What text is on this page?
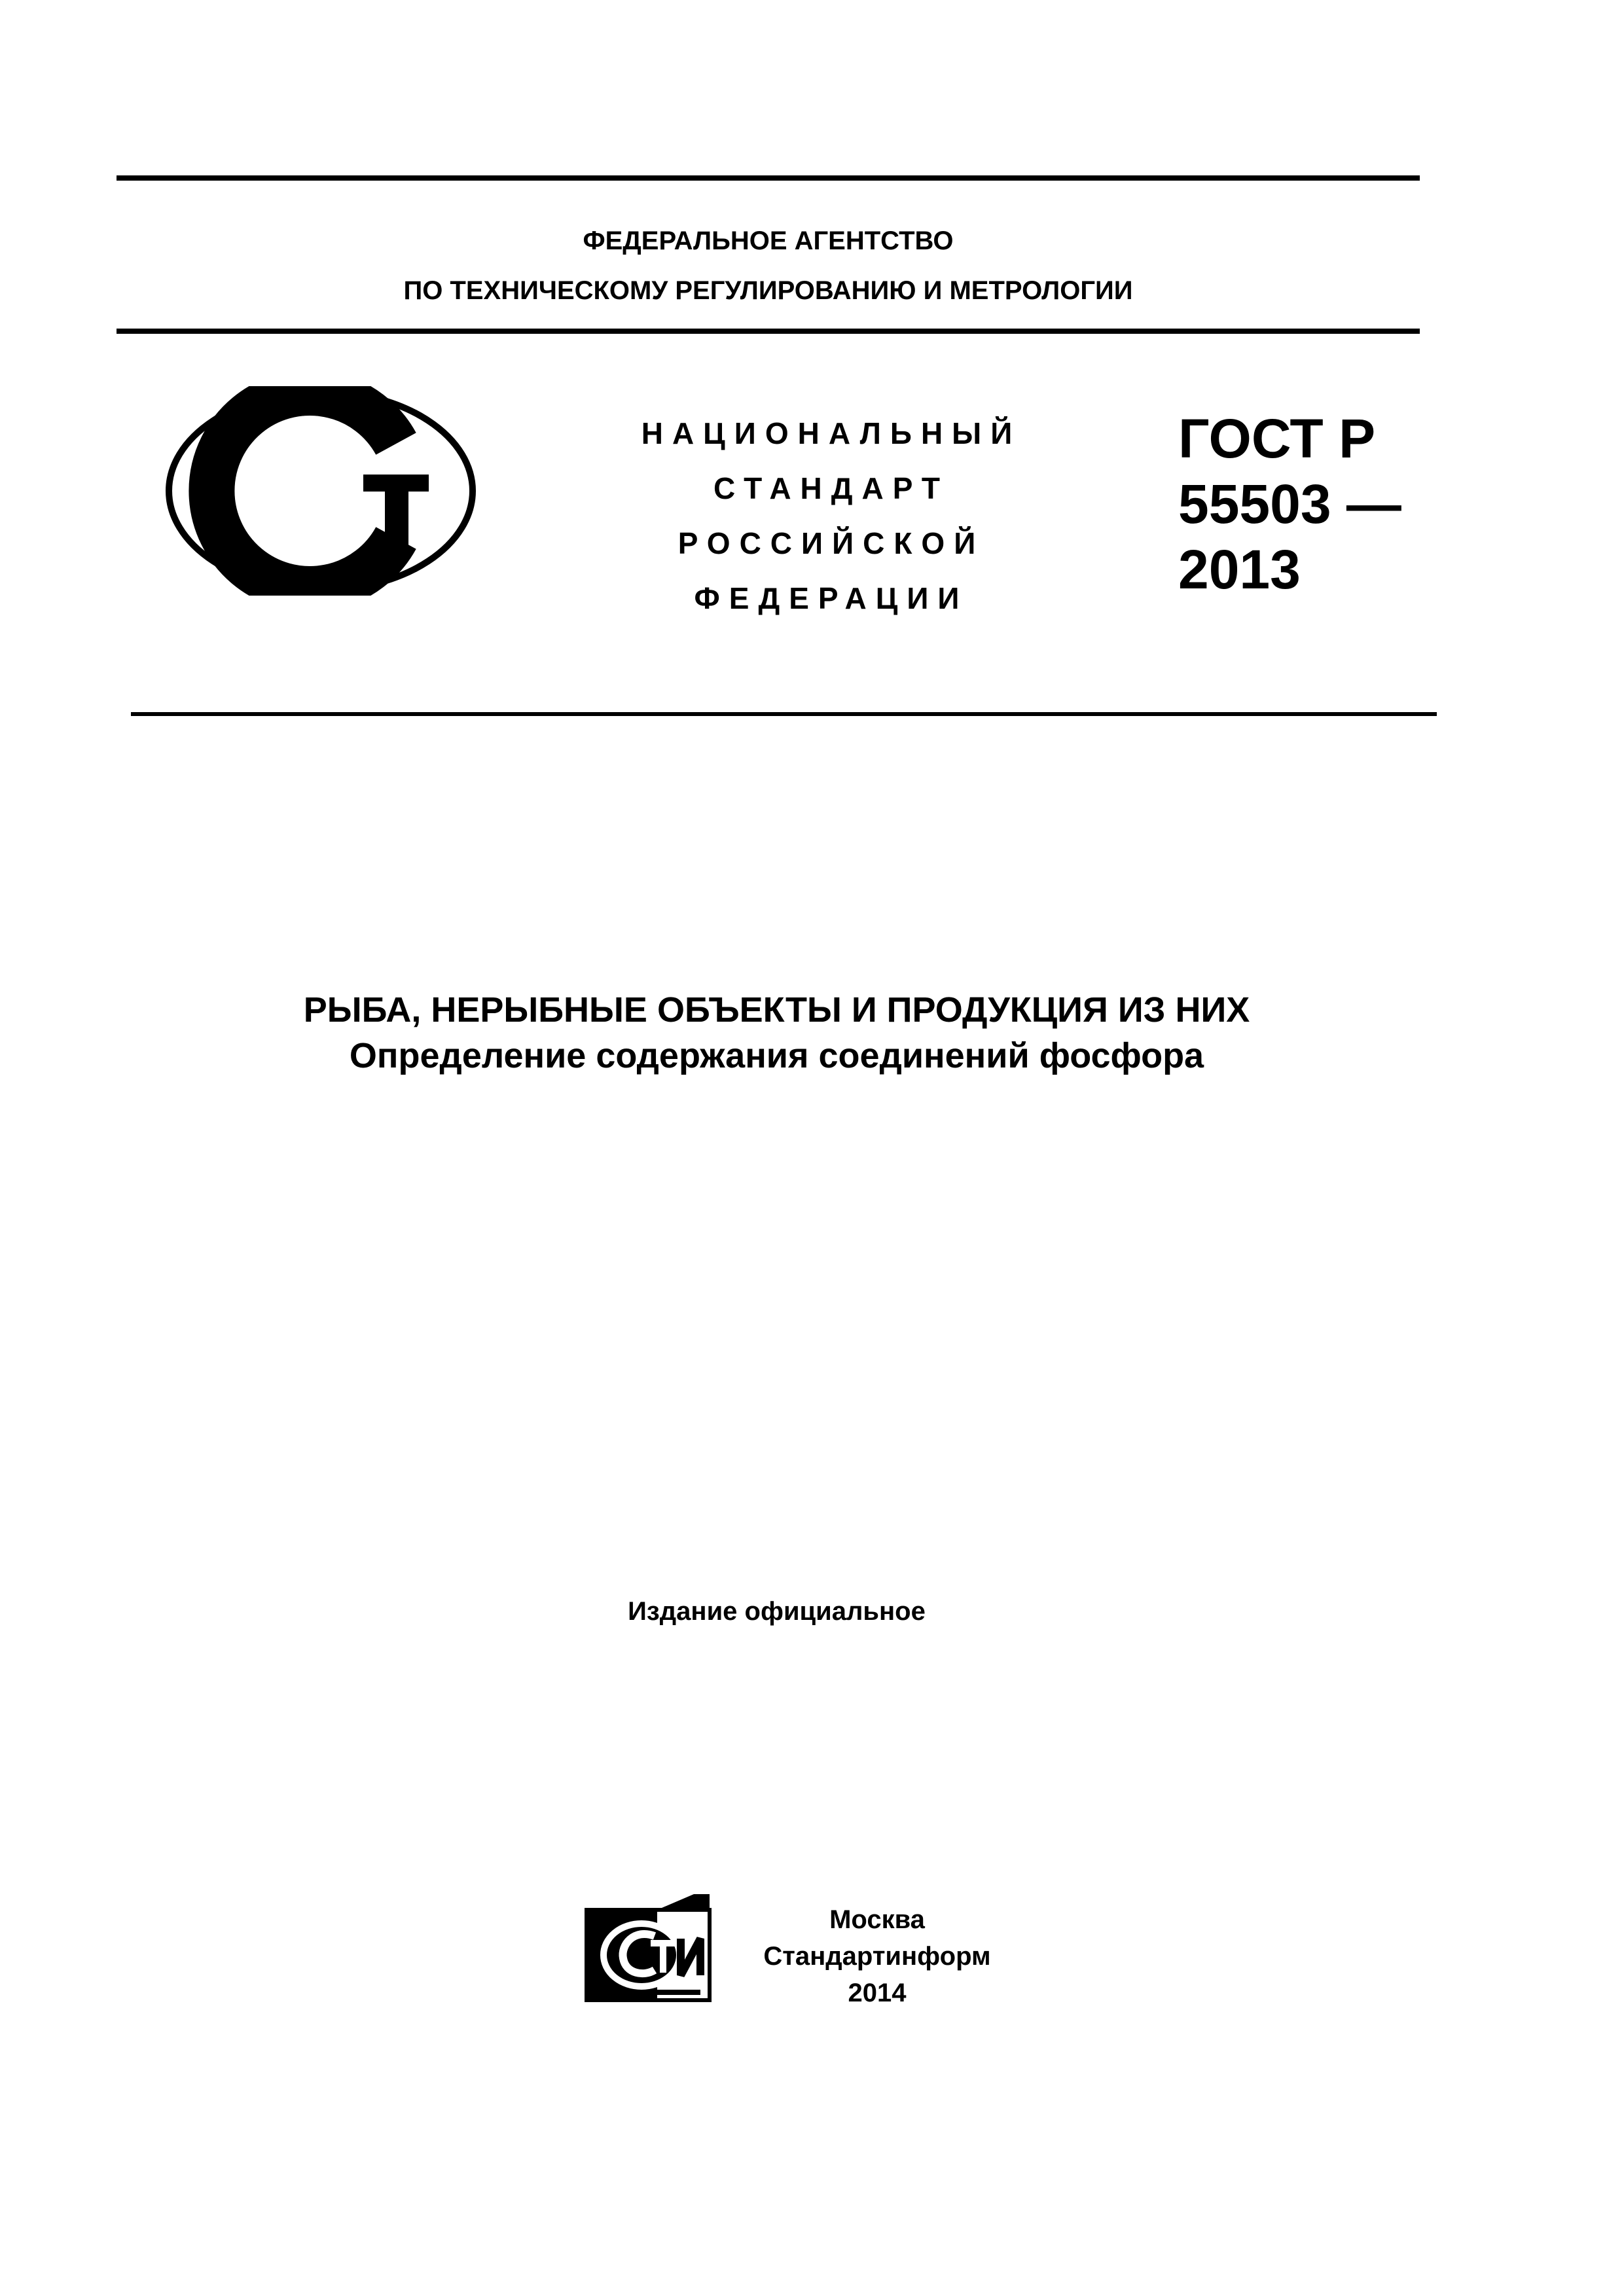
ФЕДЕРАЛЬНОЕ АГЕНТСТВО
ПО ТЕХНИЧЕСКОМУ РЕГУЛИРОВАНИЮ И МЕТРОЛОГИИ
НАЦИОНАЛЬНЫЙ
СТАНДАРТ
РОССИЙСКОЙ
ФЕДЕРАЦИИ
ГОСТ Р
55503 —
2013
РЫБА, НЕРЫБНЫЕ ОБЪЕКТЫ И ПРОДУКЦИЯ ИЗ НИХ
Определение содержания соединений фосфора
Издание официальное
Москва
Стандартинформ
2014
